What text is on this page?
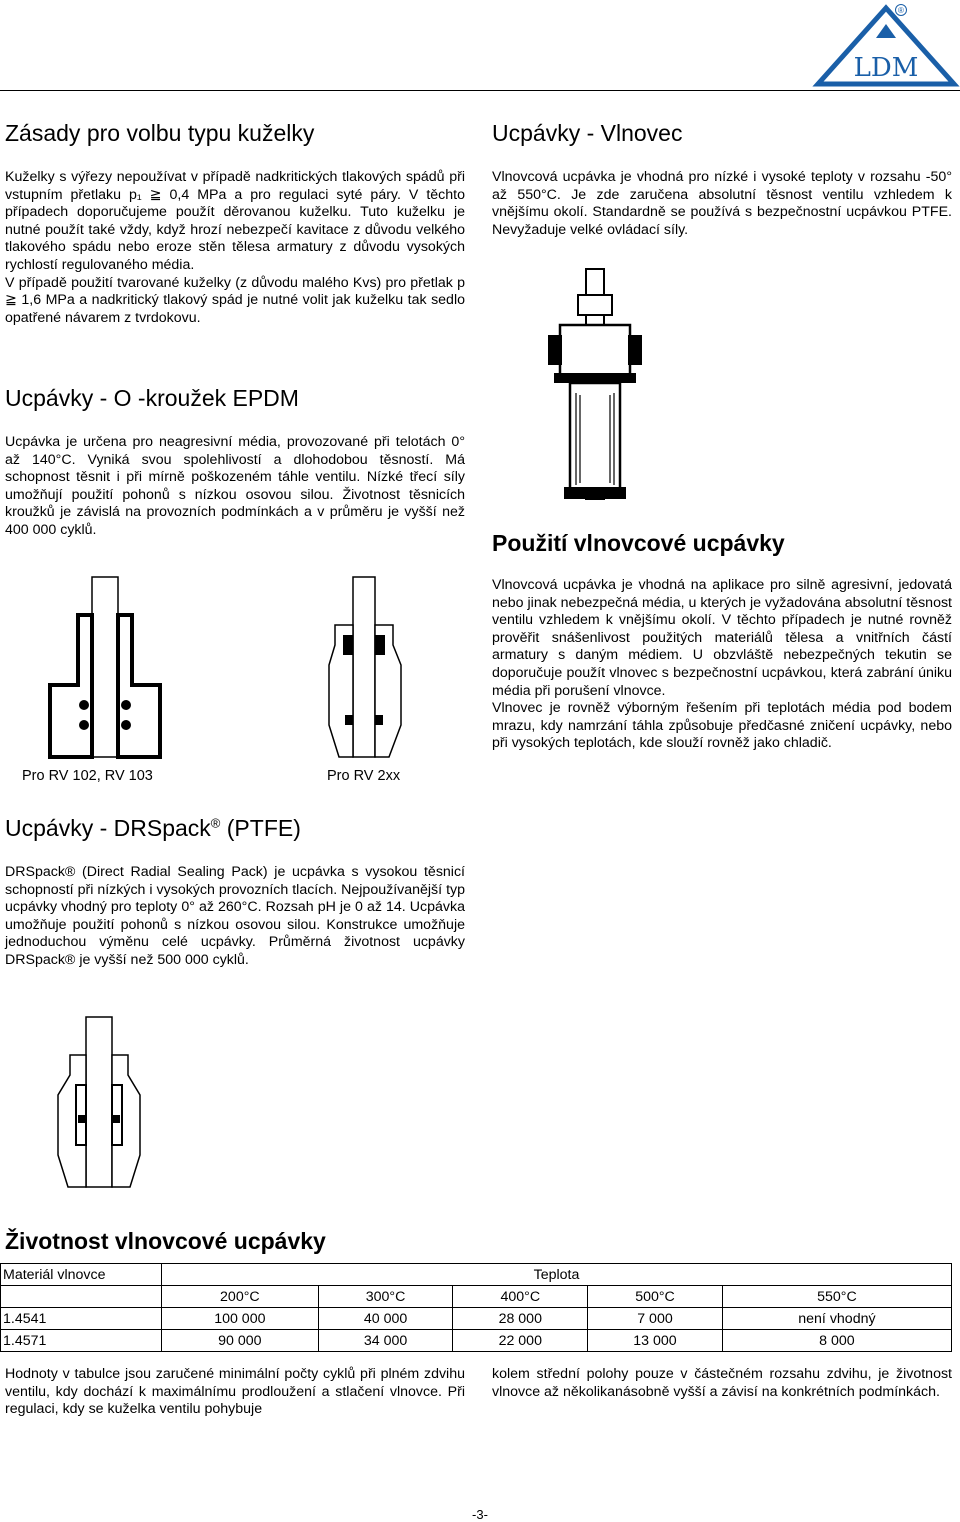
LDM
®
Zásady pro volbu typu kuželky

Kuželky s výřezy nepoužívat v případě nadkritických tlakových spádů při vstupním přetlaku p₁ ≧ 0,4 MPa a pro regulaci syté páry. V těchto případech doporučujeme použít děrovanou kuželku. Tuto kuželku je nutné použít také vždy, když hrozí nebezpečí kavitace z důvodu velkého tlakového spádu nebo eroze stěn tělesa armatury z důvodu vysokých rychlostí regulovaného média.

V případě použití tvarované kuželky (z důvodu malého Kvs) pro přetlak p ≧ 1,6 MPa a nadkritický tlakový spád je nutné volit jak kuželku tak sedlo opatřené návarem z tvrdokovu.

Ucpávky - Vlnovec

Vlnovcová ucpávka je vhodná pro nízké i vysoké teploty v rozsahu -50° až 550°C. Je zde zaručena absolutní těsnost ventilu vzhledem k vnějšímu okolí. Standardně se používá s bezpečnostní ucpávkou PTFE. Nevyžaduje velké ovládací síly.

Ucpávky - O -kroužek EPDM

Ucpávka je určena pro neagresivní média, provozované při telotách 0° až 140°C. Vyniká svou spolehlivostí a dlohodobou těsností. Má schopnost těsnit i při mírně poškozeném táhle ventilu. Nízké třecí síly umožňují použití pohonů s nízkou osovou silou. Životnost těsnicích kroužků je závislá na provozních podmínkách a v průměru je vyšší než 400 000 cyklů.

Pro RV 102, RV 103	Pro RV 2xx
Použití vlnovcové ucpávky

Vlnovcová ucpávka je vhodná na aplikace pro silně agresivní, jedovatá nebo jinak nebezpečná média, u kterých je vyžadována absolutní těsnost ventilu vzhledem k vnějšímu okolí. V těchto případech je nutné rovněž prověřit snášenlivost použitých materiálů tělesa a vnitřních částí armatury s daným médiem. U obzvláště nebezpečných tekutin se doporučuje použít vlnovec s bezpečnostní ucpávkou, která zabrání úniku média při porušení vlnovce.

Vlnovec je rovněž výborným řešením při teplotách média pod bodem mrazu, kdy namrzání táhla způsobuje předčasné zničení ucpávky, nebo při vysokých teplotách, kde slouží rovněž jako chladič.

Ucpávky - DRSpack® (PTFE)

DRSpack® (Direct Radial Sealing Pack) je ucpávka s vysokou těsnicí schopností při nízkých i vysokých provozních tlacích. Nejpoužívanější typ ucpávky vhodný pro teploty 0° až 260°C. Rozsah pH je 0 až 14. Ucpávka umožňuje použití pohonů s nízkou osovou silou. Konstrukce umožňuje jednoduchou výměnu celé ucpávky. Průměrná životnost ucpávky DRSpack® je vyšší než 500 000 cyklů.

Životnost vlnovcové ucpávky
Materiál vlnovce	Teplota				
	200°C	300°C	400°C	500°C	550°C
1.4541	100 000	40 000	28 000	7 000	není vhodný
1.4571	90 000	34 000	22 000	13 000	8 000

Hodnoty v tabulce jsou zaručené minimální počty cyklů při plném zdvihu ventilu, kdy dochází k maximálnímu prodloužení a stlačení vlnovce. Při regulaci, kdy se kuželka ventilu pohybuje

kolem střední polohy pouze v částečném rozsahu zdvihu, je životnost vlnovce až několikanásobně vyšší a závisí na konkrétních podmínkách.

-3-
